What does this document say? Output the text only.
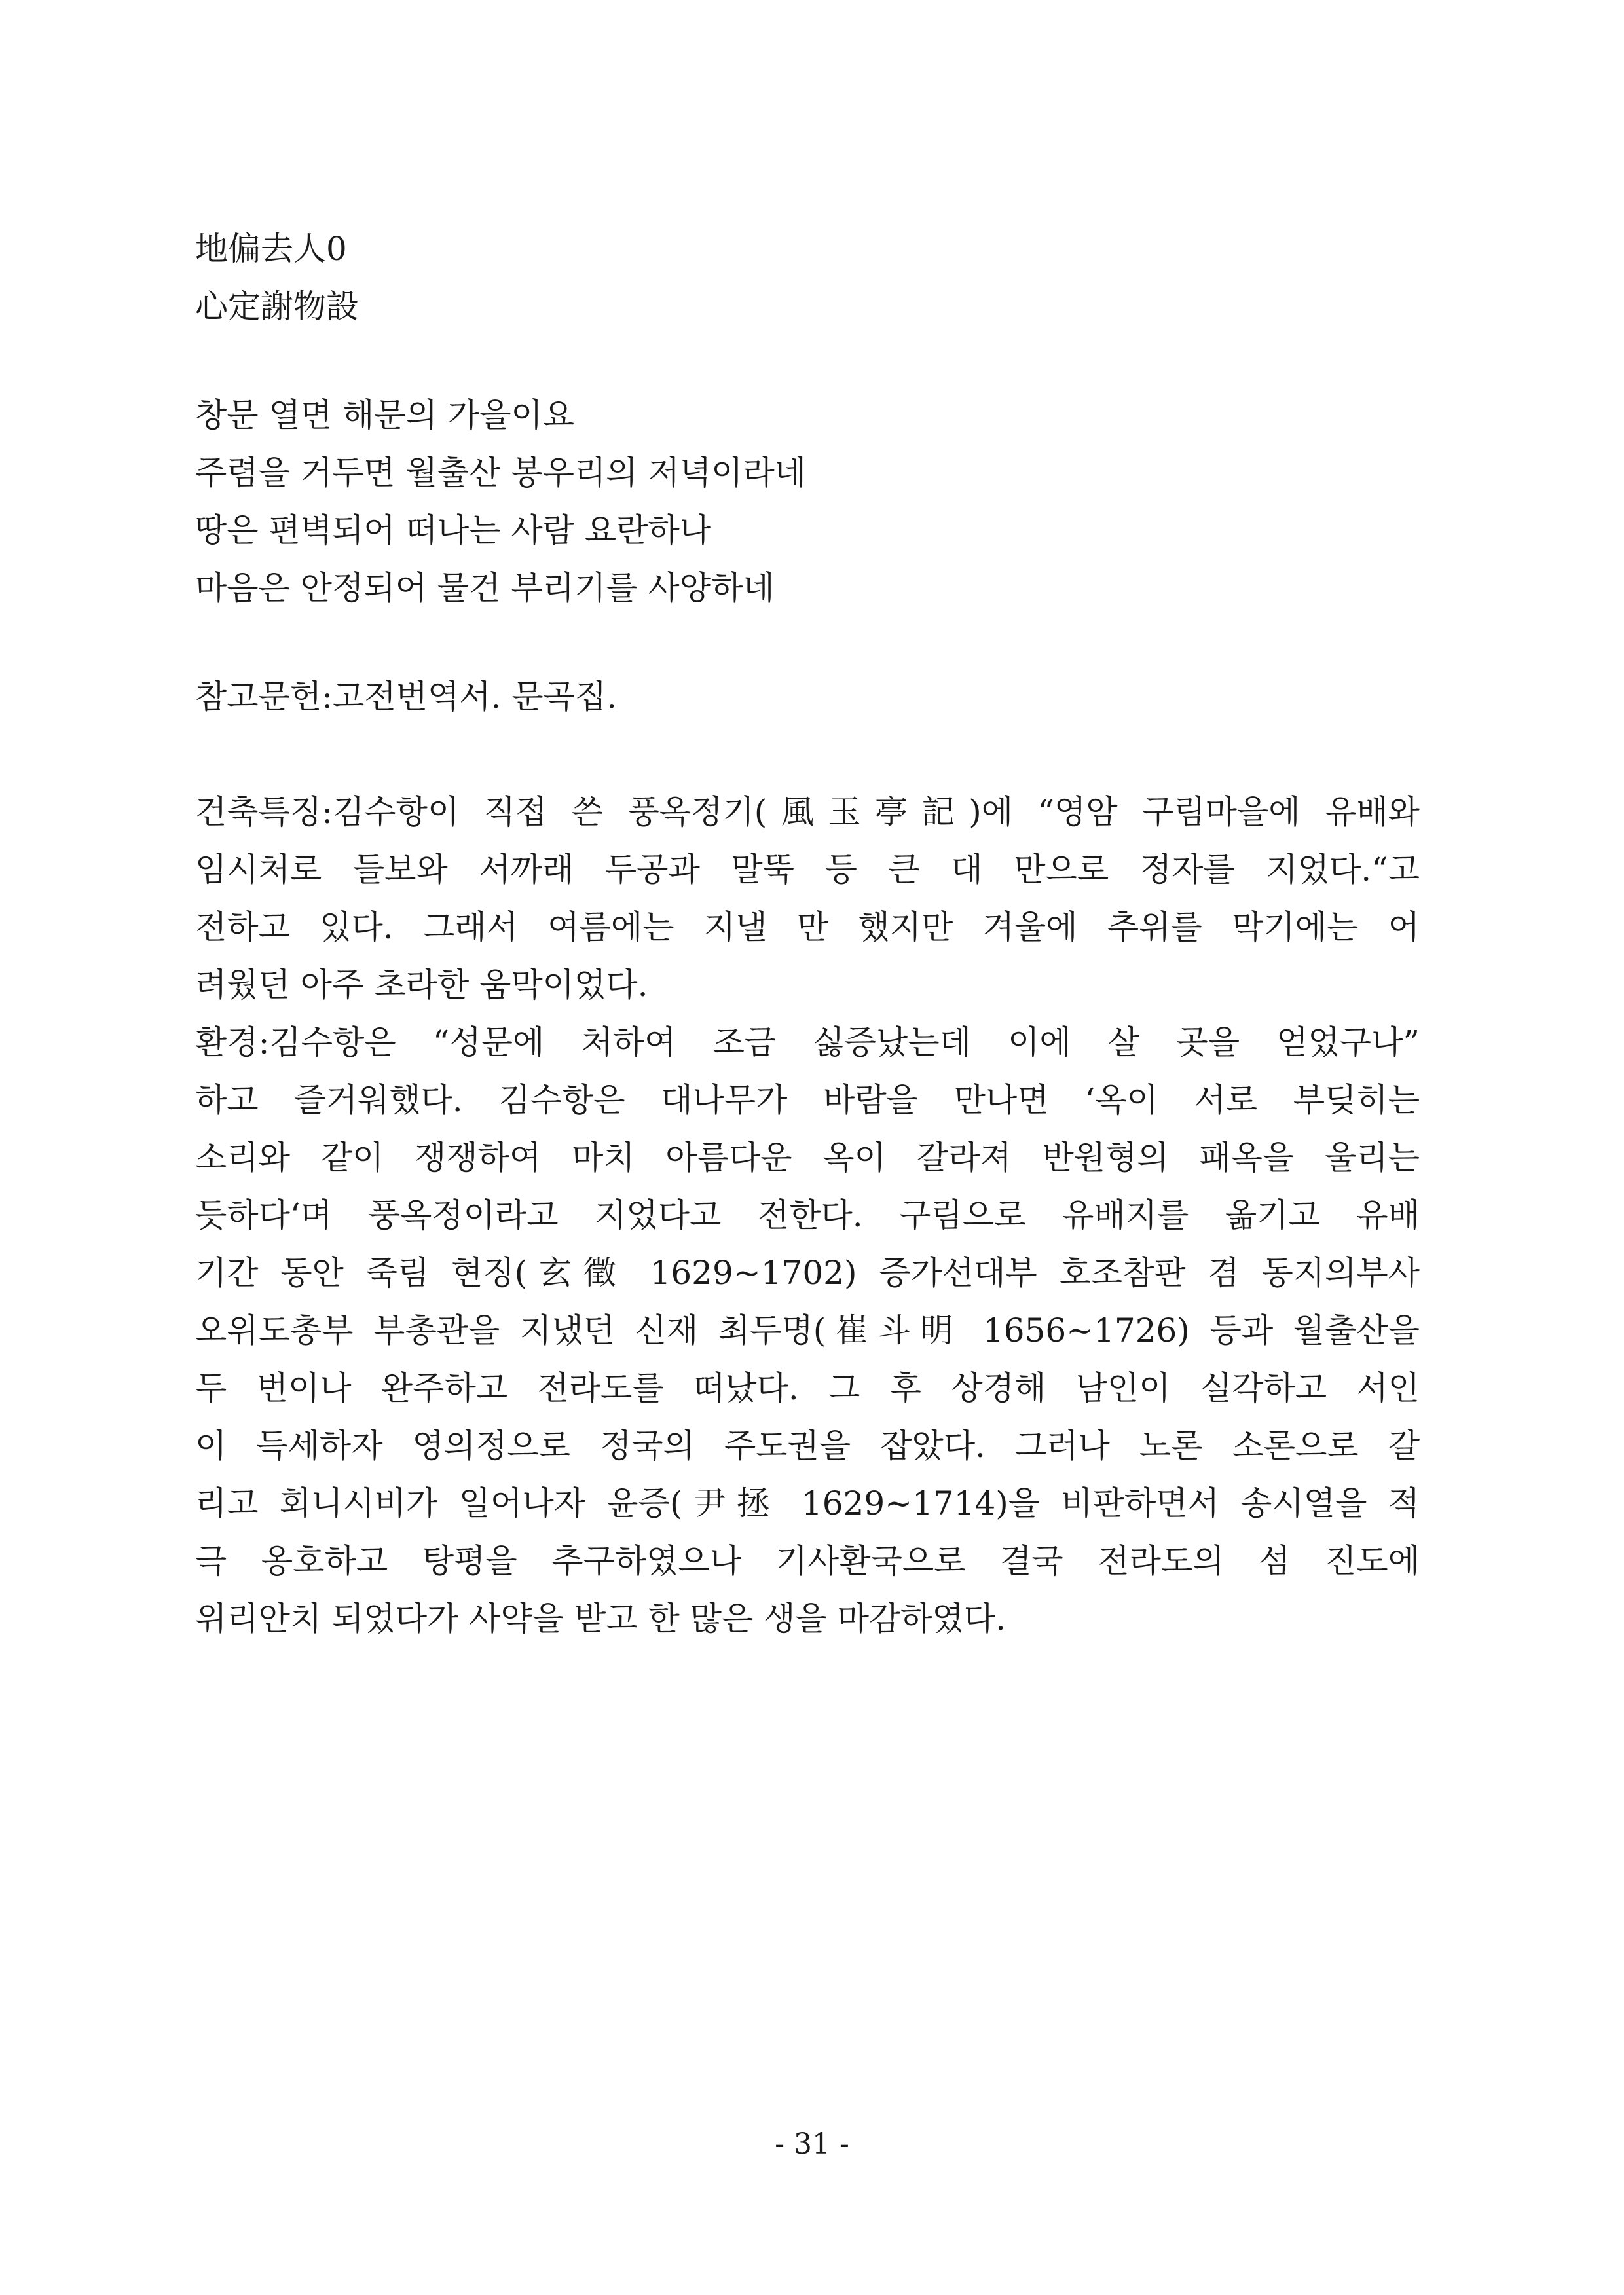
地偏去人0

心定謝物設

창문 열면 해문의 가을이요

주렴을 거두면 월출산 봉우리의 저녁이라네

땅은 편벽되어 떠나는 사람 요란하나

마음은 안정되어 물건 부리기를 사양하네

참고문헌:고전번역서. 문곡집.

건축특징:김수항이 직접 쓴 풍옥정기(風玉亭記)에 “영암 구림마을에 유배와

임시처로 들보와 서까래 두공과 말뚝 등 큰 대 만으로 정자를 지었다.“고

전하고 있다. 그래서 여름에는 지낼 만 했지만 겨울에 추위를 막기에는 어

려웠던 아주 초라한 움막이었다.

환경:김수항은 “성문에 처하여 조금 싫증났는데 이에 살 곳을 얻었구나”

하고 즐거워했다. 김수항은 대나무가 바람을 만나면 ‘옥이 서로 부딪히는

소리와 같이 쟁쟁하여 마치 아름다운 옥이 갈라져 반원형의 패옥을 울리는

듯하다‘며 풍옥정이라고 지었다고 전한다. 구림으로 유배지를 옮기고 유배

기간 동안 죽림 현징(玄徵 1629~1702) 증가선대부 호조참판 겸 동지의부사

오위도총부 부총관을 지냈던 신재 최두명(崔斗明 1656~1726) 등과 월출산을

두 번이나 완주하고 전라도를 떠났다. 그 후 상경해 남인이 실각하고 서인

이 득세하자 영의정으로 정국의 주도권을 잡았다. 그러나 노론 소론으로 갈

리고 회니시비가 일어나자 윤증(尹拯 1629~1714)을 비판하면서 송시열을 적

극 옹호하고 탕평을 추구하였으나 기사환국으로 결국 전라도의 섬 진도에

위리안치 되었다가 사약을 받고 한 많은 생을 마감하였다.

- 31 -
